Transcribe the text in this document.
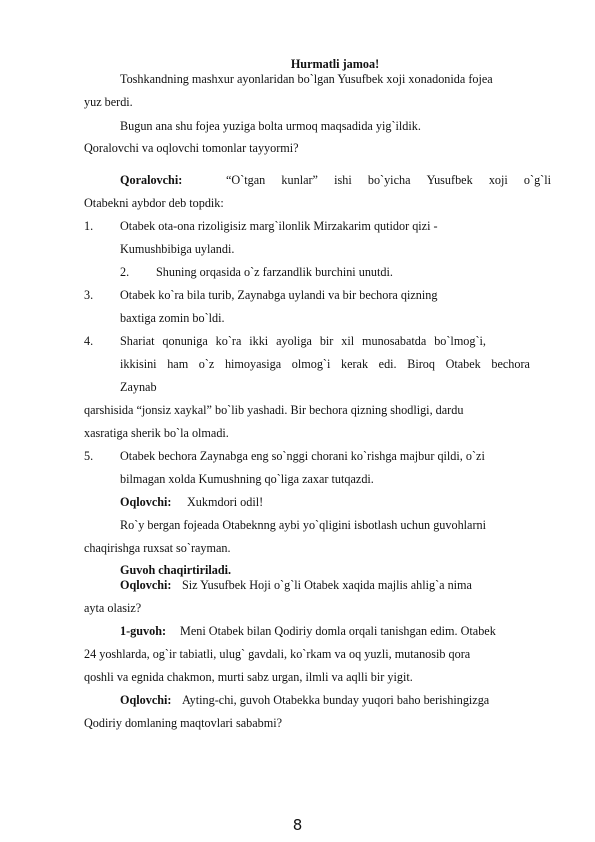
Hurmatli jamoa!
Toshkandning mashxur ayonlaridan bo`lgan Yusufbek xoji xonadonida fojea
yuz berdi.
Bugun ana shu fojea yuziga bolta urmoq maqsadida yig`ildik.
Qoralovchi va oqlovchi tomonlar tayyormi?
Qoralovchi:	“O`tgan kunlar” ishi bo`yicha Yusufbek xoji o`g`li
Otabekni aybdor deb topdik:
1. Otabek ota-ona rizoligisiz marg`ilonlik Mirzakarim qutidor qizi -
Kumushbibiga uylandi.
2. Shuning orqasida o`z farzandlik burchini unutdi.
3. Otabek ko`ra bila turib, Zaynabga uylandi va bir bechora qizning
baxtiga zomin bo`ldi.
4. Shariat qonuniga ko`ra ikki ayoliga bir xil munosabatda bo`lmog`i,
ikkisini ham o`z himoyasiga olmog`i kerak edi. Biroq Otabek bechora
Zaynab
qarshisida “jonsiz xaykal” bo`lib yashadi. Bir bechora qizning shodligi, dardu
xasratiga sherik bo`la olmadi.
5. Otabek bechora Zaynabga eng so`nggi chorani ko`rishga majbur qildi, o`zi
bilmagan xolda Kumushning qo`liga zaxar tutqazdi.
Oqlovchi: Xukmdori odil!
Ro`y bergan fojeada Otabeknng aybi yo`qligini isbotlash uchun guvohlarni
chaqirishga ruxsat so`rayman.
Guvoh chaqirtiriladi.
Oqlovchi: Siz Yusufbek Hoji o`g`li Otabek xaqida majlis ahlig`a nima
ayta olasiz?
1-guvoh: Meni Otabek bilan Qodiriy domla orqali tanishgan edim. Otabek
24 yoshlarda, og`ir tabiatli, ulug` gavdali, ko`rkam va oq yuzli, mutanosib qora
qoshli va egnida chakmon, murti sabz urgan, ilmli va aqlli bir yigit.
Oqlovchi: Ayting-chi, guvoh Otabekka bunday yuqori baho berishingizga
Qodiriy domlaning maqtovlari sababmi?
8
